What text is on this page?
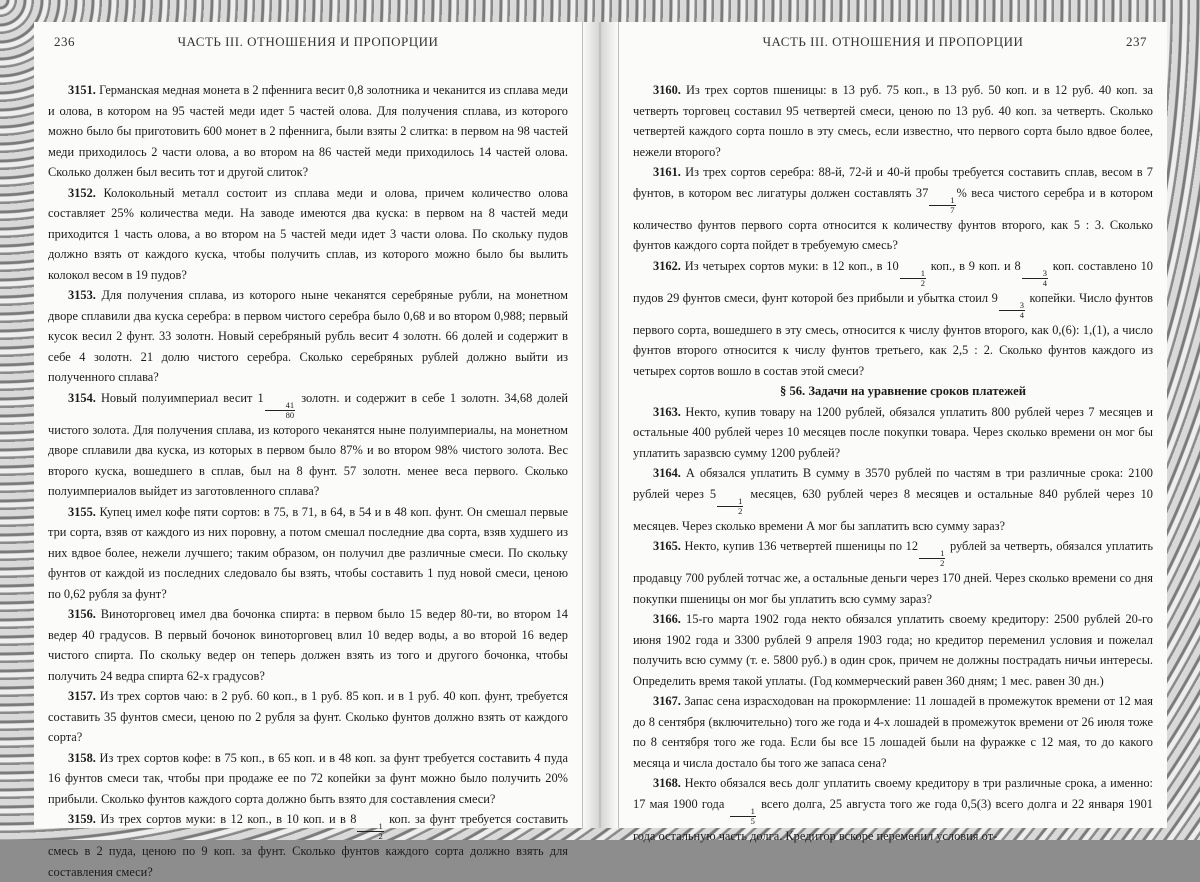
236	ЧАСТЬ III. ОТНОШЕНИЯ И ПРОПОРЦИИ

3151. Германская медная монета в 2 пфеннига весит 0,8 золотника и чеканится из сплава меди и олова, в котором на 95 частей меди идет 5 частей олова. Для получения сплава, из которого можно было бы приготовить 600 монет в 2 пфеннига, были взяты 2 слитка: в первом на 98 частей меди приходилось 2 части олова, а во втором на 86 частей меди приходилось 14 частей олова. Сколько должен был весить тот и другой слиток?

3152. Колокольный металл состоит из сплава меди и олова, причем количество олова составляет 25% количества меди. На заводе имеются два куска: в первом на 8 частей меди приходится 1 часть олова, а во втором на 5 частей меди идет 3 части олова. По скольку пудов должно взять от каждого куска, чтобы получить сплав, из которого можно было бы вылить колокол весом в 19 пудов?

3153. Для получения сплава, из которого ныне чеканятся серебряные рубли, на монетном дворе сплавили два куска серебра: в первом чистого серебра было 0,68 и во втором 0,988; первый кусок весил 2 фунт. 33 золотн. Новый серебряный рубль весит 4 золотн. 66 долей и содержит в себе 4 золотн. 21 долю чистого серебра. Сколько серебряных рублей должно выйти из полученного сплава?

3154. Новый полуимпериал весит 1
$\frac{41}{80}$
золотн. и содержит в себе 1 золотн. 34,68 долей чистого золота. Для получения сплава, из которого чеканятся ныне полуимпериалы, на монетном дворе сплавили два куска, из которых в первом было 87% и во втором 98% чистого золота. Вес второго куска, вошедшего в сплав, был на 8 фунт. 57 золотн. менее веса первого. Сколько полуимпериалов выйдет из заготовленного сплава?

3155. Купец имел кофе пяти сортов: в 75, в 71, в 64, в 54 и в 48 коп. фунт. Он смешал первые три сорта, взяв от каждого из них поровну, а потом смешал последние два сорта, взяв худшего из них вдвое более, нежели лучшего; таким образом, он получил две различные смеси. По скольку фунтов от каждой из последних следовало бы взять, чтобы составить 1 пуд новой смеси, ценою по 0,62 рубля за фунт?

3156. Виноторговец имел два бочонка спирта: в первом было 15 ведер 80-ти, во втором 14 ведер 40 градусов. В первый бочонок виноторговец влил 10 ведер воды, а во второй 16 ведер чистого спирта. По скольку ведер он теперь должен взять из того и другого бочонка, чтобы получить 24 ведра спирта 62-х градусов?

3157. Из трех сортов чаю: в 2 руб. 60 коп., в 1 руб. 85 коп. и в 1 руб. 40 коп. фунт, требуется составить 35 фунтов смеси, ценою по 2 рубля за фунт. Сколько фунтов должно взять от каждого сорта?

3158. Из трех сортов кофе: в 75 коп., в 65 коп. и в 48 коп. за фунт требуется составить 4 пуда 16 фунтов смеси так, чтобы при продаже ее по 72 копейки за фунт можно было получить 20% прибыли. Сколько фунтов каждого сорта должно быть взято для составления смеси?

3159. Из трех сортов муки: в 12 коп., в 10 коп. и в 8
$\frac{1}{2}$
коп. за фунт требуется составить смесь в 2 пуда, ценою по 9 коп. за фунт. Сколько фунтов каждого сорта должно взять для составления смеси?

ЧАСТЬ III. ОТНОШЕНИЯ И ПРОПОРЦИИ	237

3160. Из трех сортов пшеницы: в 13 руб. 75 коп., в 13 руб. 50 коп. и в 12 руб. 40 коп. за четверть торговец составил 95 четвертей смеси, ценою по 13 руб. 40 коп. за четверть. Сколько четвертей каждого сорта пошло в эту смесь, если известно, что первого сорта было вдвое более, нежели второго?

3161. Из трех сортов серебра: 88-й, 72-й и 40-й пробы требуется составить сплав, весом в 7 фунтов, в котором вес лигатуры должен составлять 37
$\frac{1}{7}$
% веса чистого серебра и в котором количество фунтов первого сорта относится к количеству фунтов второго, как 5 : 3. Сколько фунтов каждого сорта пойдет в требуемую смесь?

3162. Из четырех сортов муки: в 12 коп., в 10
$\frac{1}{2}$
коп., в 9 коп. и 8
$\frac{3}{4}$
коп. составлено 10 пудов 29 фунтов смеси, фунт которой без прибыли и убытка стоил 9
$\frac{3}{4}$
копейки. Число фунтов первого сорта, вошедшего в эту смесь, относится к числу фунтов второго, как 0,(6): 1,(1), а число фунтов второго относится к числу фунтов третьего, как 2,5 : 2. Сколько фунтов каждого из четырех сортов вошло в состав этой смеси?

§ 56. Задачи на уравнение сроков платежей

3163. Некто, купив товару на 1200 рублей, обязался уплатить 800 рублей через 7 месяцев и остальные 400 рублей через 10 месяцев после покупки товара. Через сколько времени он мог бы уплатить заразвсю сумму 1200 рублей?

3164. А обязался уплатить В сумму в 3570 рублей по частям в три различные срока: 2100 рублей через 5
$\frac{1}{2}$
месяцев, 630 рублей через 8 месяцев и остальные 840 рублей через 10 месяцев. Через сколько времени А мог бы заплатить всю сумму зараз?

3165. Некто, купив 136 четвертей пшеницы по 12
$\frac{1}{2}$
рублей за четверть, обязался уплатить продавцу 700 рублей тотчас же, а остальные деньги через 170 дней. Через сколько времени со дня покупки пшеницы он мог бы уплатить всю сумму зараз?

3166. 15-го марта 1902 года некто обязался уплатить своему кредитору: 2500 рублей 20-го июня 1902 года и 3300 рублей 9 апреля 1903 года; но кредитор переменил условия и пожелал получить всю сумму (т. е. 5800 руб.) в один срок, причем не должны пострадать ничьи интересы. Определить время такой уплаты. (Год коммерческий равен 360 дням; 1 мес. равен 30 дн.)

3167. Запас сена израсходован на прокормление: 11 лошадей в промежуток времени от 12 мая до 8 сентября (включительно) того же года и 4-х лошадей в промежуток времени от 26 июля тоже по 8 сентября того же года. Если бы все 15 лошадей были на фуражке с 12 мая, то до какого месяца и числа достало бы того же запаса сена?

3168. Некто обязался весь долг уплатить своему кредитору в три различные срока, а именно: 17 мая 1900 года
$\frac{1}{5}$
всего долга, 25 августа того же года 0,5(3) всего долга и 22 января 1901 года остальную часть долга. Кредитор вскоре переменил условия от-
